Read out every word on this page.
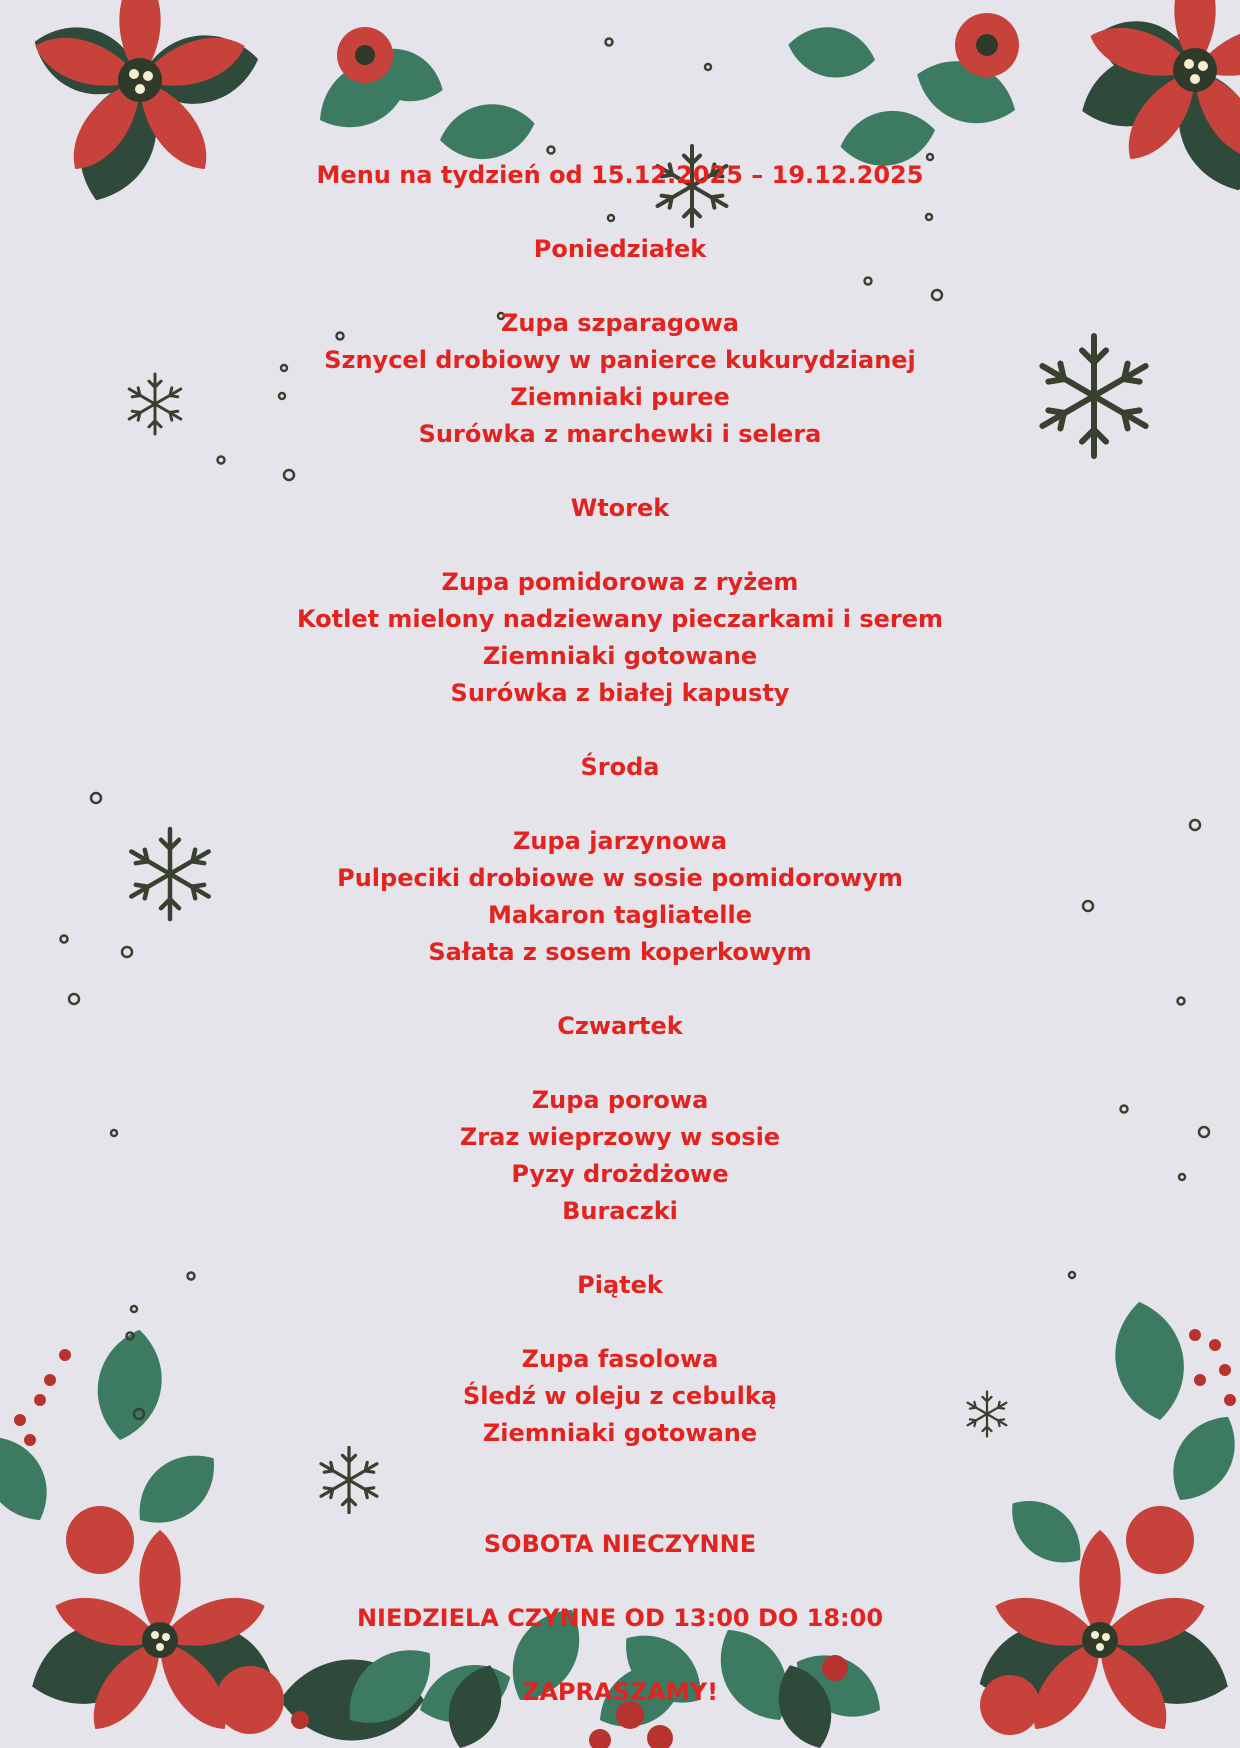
Menu na tydzień od 15.12.2025 – 19.12.2025
Poniedziałek
Zupa szparagowa
Sznycel drobiowy w panierce kukurydzianej
Ziemniaki puree
Surówka z marchewki i selera
Wtorek
Zupa pomidorowa z ryżem
Kotlet mielony nadziewany pieczarkami i serem
Ziemniaki gotowane
Surówka z białej kapusty
Środa
Zupa jarzynowa
Pulpeciki drobiowe w sosie pomidorowym
Makaron tagliatelle
Sałata z sosem koperkowym
Czwartek
Zupa porowa
Zraz wieprzowy w sosie
Pyzy drożdżowe
Buraczki
Piątek
Zupa fasolowa
Śledź w oleju z cebulką
Ziemniaki gotowane
SOBOTA NIECZYNNE
NIEDZIELA CZYNNE OD 13:00 DO 18:00
ZAPRASZAMY!
